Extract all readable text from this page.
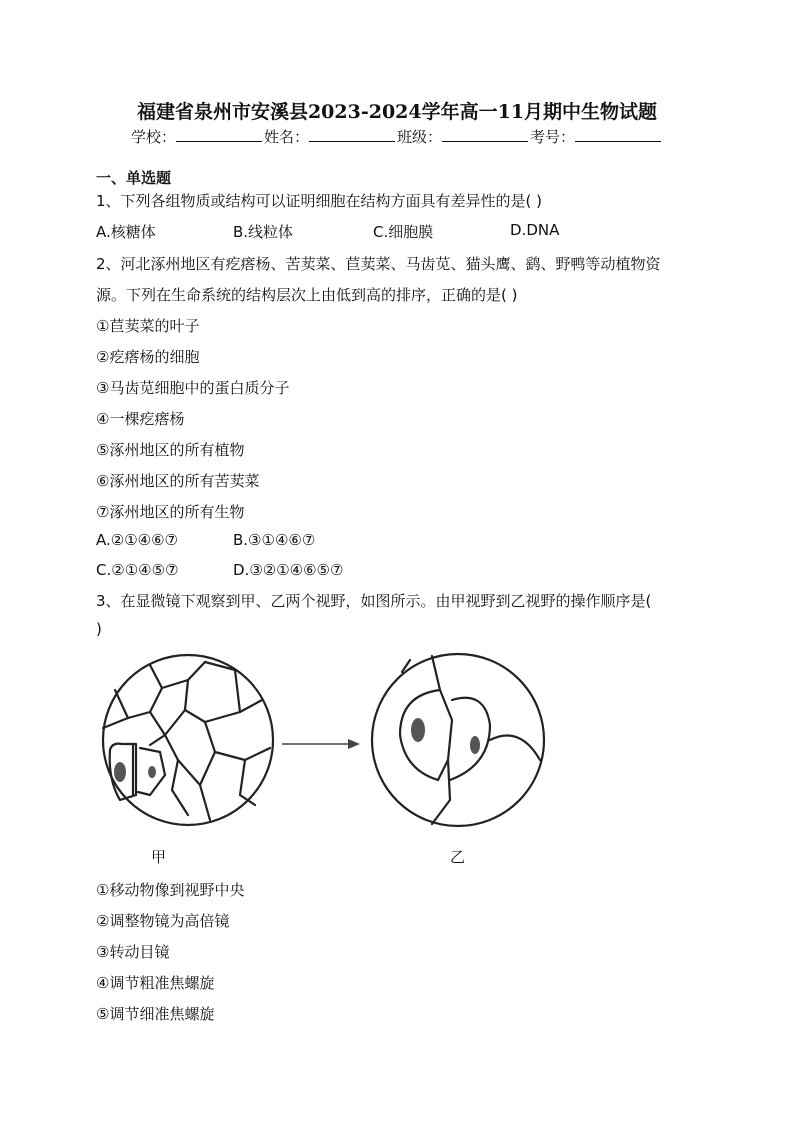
福建省泉州市安溪县2023-2024学年高一11月期中生物试题
学校：	姓名：	班级：	考号：
一、单选题
1、下列各组物质或结构可以证明细胞在结构方面具有差异性的是( )
A.核糖体	B.线粒体	C.细胞膜	D.DNA
2、河北涿州地区有疙瘩杨、苦荬菜、苣荬菜、马齿苋、猫头鹰、鹞、野鸭等动植物资
源。下列在生命系统的结构层次上由低到高的排序，正确的是( )
①苣荬菜的叶子
②疙瘩杨的细胞
③马齿苋细胞中的蛋白质分子
④一棵疙瘩杨
⑤涿州地区的所有植物
⑥涿州地区的所有苦荬菜
⑦涿州地区的所有生物
A.②①④⑥⑦	B.③①④⑥⑦
C.②①④⑤⑦	D.③②①④⑥⑤⑦
3、在显微镜下观察到甲、乙两个视野，如图所示。由甲视野到乙视野的操作顺序是(
)
甲	乙
①移动物像到视野中央
②调整物镜为高倍镜
③转动目镜
④调节粗准焦螺旋
⑤调节细准焦螺旋
